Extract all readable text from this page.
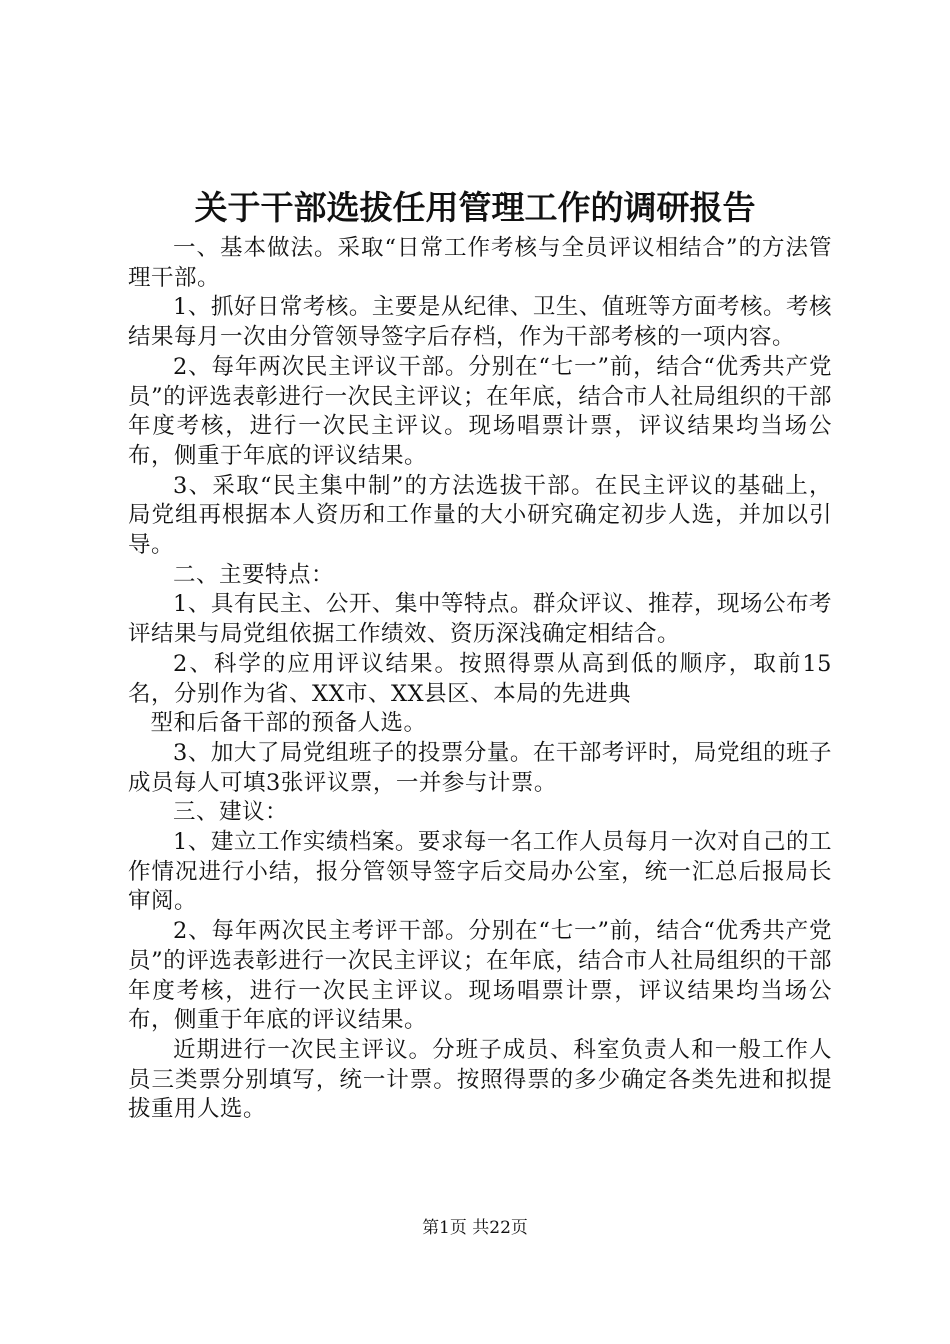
关于干部选拔任用管理工作的调研报告

一、基本做法。采取“日常工作考核与全员评议相结合”的方法管理干部。

1、抓好日常考核。主要是从纪律、卫生、值班等方面考核。考核结果每月一次由分管领导签字后存档，作为干部考核的一项内容。

2、每年两次民主评议干部。分别在“七一”前，结合“优秀共产党员”的评选表彰进行一次民主评议；在年底，结合市人社局组织的干部年度考核，进行一次民主评议。现场唱票计票，评议结果均当场公布，侧重于年底的评议结果。

3、采取“民主集中制”的方法选拔干部。在民主评议的基础上，局党组再根据本人资历和工作量的大小研究确定初步人选，并加以引导。

二、主要特点：

1、具有民主、公开、集中等特点。群众评议、推荐，现场公布考评结果与局党组依据工作绩效、资历深浅确定相结合。

2、科学的应用评议结果。按照得票从高到低的顺序，取前15名，分别作为省、XX市、XX县区、本局的先进典

型和后备干部的预备人选。

3、加大了局党组班子的投票分量。在干部考评时，局党组的班子成员每人可填3张评议票，一并参与计票。

三、建议：

1、建立工作实绩档案。要求每一名工作人员每月一次对自己的工作情况进行小结，报分管领导签字后交局办公室，统一汇总后报局长审阅。

2、每年两次民主考评干部。分别在“七一”前，结合“优秀共产党员”的评选表彰进行一次民主评议；在年底，结合市人社局组织的干部年度考核，进行一次民主评议。现场唱票计票，评议结果均当场公布，侧重于年底的评议结果。

近期进行一次民主评议。分班子成员、科室负责人和一般工作人员三类票分别填写，统一计票。按照得票的多少确定各类先进和拟提拔重用人选。

第1页 共22页
